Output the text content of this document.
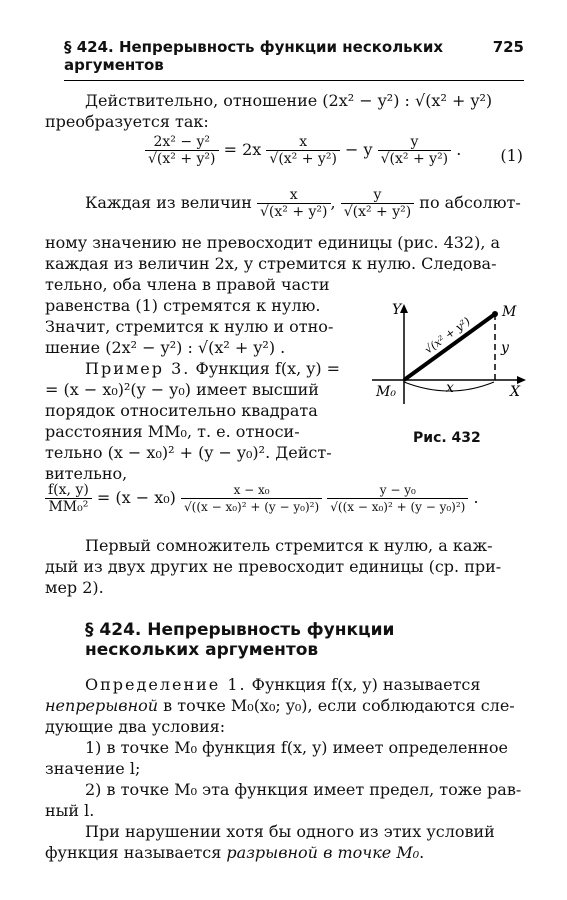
§ 424. Непрерывность функции нескольких аргументов
725
Действительно, отношение (2x² − y²) : √(x² + y²)
преобразуется так:
$\frac{\text{2x² − y²}}{\text{√(x² + y²)}} = 2x \frac{x}{\text{√(x² + y²)}} - y \frac{y}{\text{√(x² + y²)}}$ . (1)
Каждая из величин $\frac{x}{\text{√(x² + y²)}}$ , $\frac{y}{\text{√(x² + y²)}}$ по абсолют-
ному значению не превосходит единицы (рис. 432), а
каждая из величин 2x, y стремится к нулю. Следова-
тельно, оба члена в правой части
равенства (1) стремятся к нулю.
Значит, стремится к нулю и отно-
шение (2x² − y²) : √(x² + y²) .
Пример 3. Функция f(x, y) =
= (x − x₀)²(y − y₀) имеет высший
порядок относительно квадрата
расстояния MM₀, т. е. относи-
тельно (x − x₀)² + (y − y₀)². Дейст-
вительно,
Y
X
M
M₀
y
x
√(x² + y²)
Рис. 432
$\frac{f(x, y)}{\text{MM₀²}} = (x - x_0) \frac{\text{x − x₀}}{\text{√((x − x₀)² + (y − y₀)²)}}$
$\frac{\text{y − y₀}}{\text{√((x − x₀)² + (y − y₀)²)}}$ .
Первый сомножитель стремится к нулю, а каж-
дый из двух других не превосходит единицы (ср. при-
мер 2).
§ 424. Непрерывность функции
нескольких аргументов
Определение 1. Функция f(x, y) называется
непрерывной в точке M₀(x₀; y₀), если соблюдаются сле-
дующие два условия:
1) в точке M₀ функция f(x, y) имеет определенное
значение l;
2) в точке M₀ эта функция имеет предел, тоже рав-
ный l.
При нарушении хотя бы одного из этих условий
функция называется разрывной в точке M₀.
